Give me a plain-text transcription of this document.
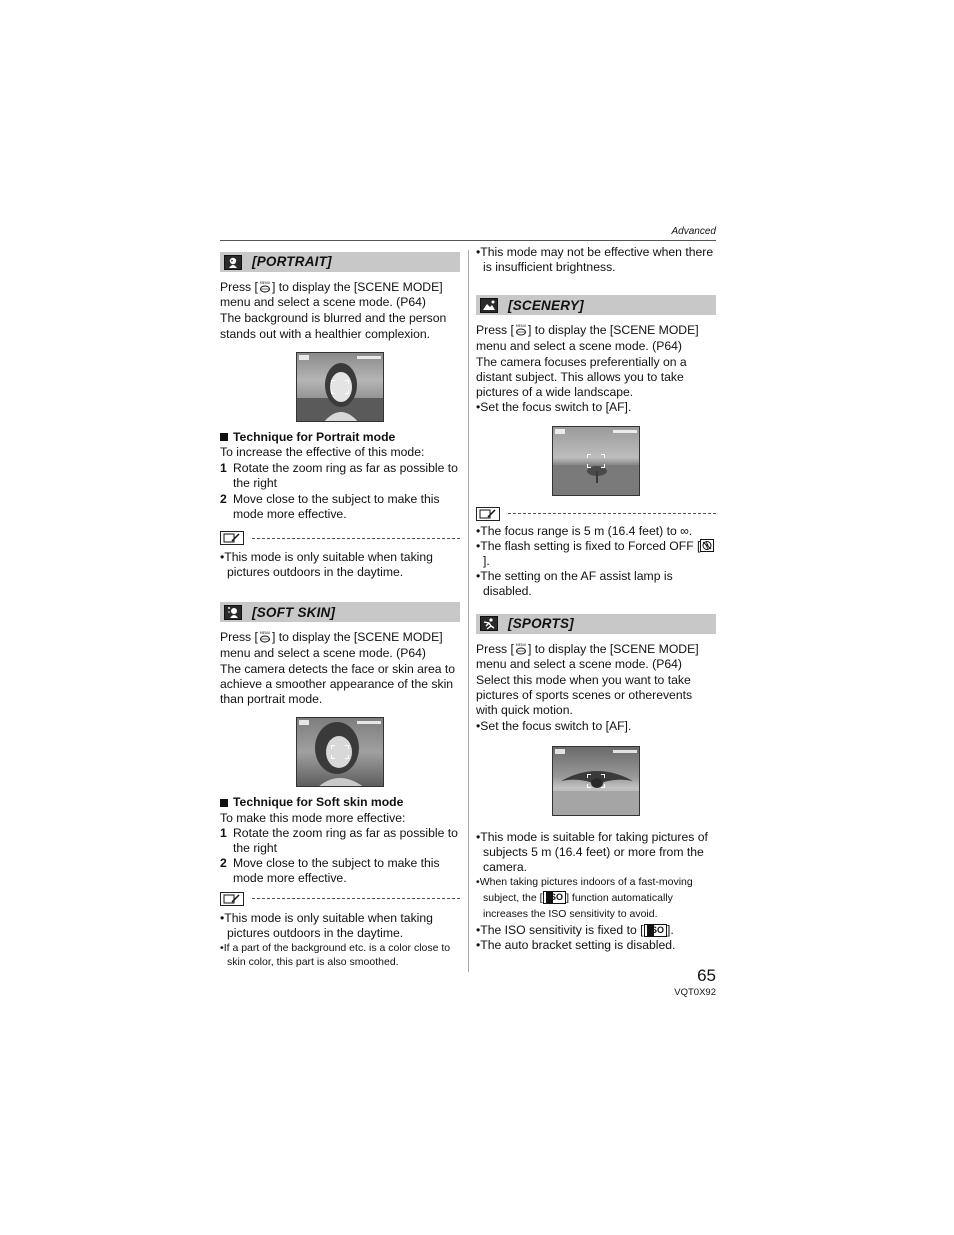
Advanced
[PORTRAIT]
Press [ MENU ] to display the [SCENE MODE] menu and select a scene mode. (P64)
The background is blurred and the person stands out with a healthier complexion.
Technique for Portrait mode
To increase the effective of this mode:
1 Rotate the zoom ring as far as possible to the right
2 Move close to the subject to make this mode more effective.
•This mode is only suitable when taking pictures outdoors in the daytime.
[SOFT SKIN]
Press [ MENU ] to display the [SCENE MODE] menu and select a scene mode. (P64)
The camera detects the face or skin area to achieve a smoother appearance of the skin than portrait mode.
Technique for Soft skin mode
To make this mode more effective:
1 Rotate the zoom ring as far as possible to the right
2 Move close to the subject to make this mode more effective.
•This mode is only suitable when taking pictures outdoors in the daytime.
•If a part of the background etc. is a color close to skin color, this part is also smoothed.
•This mode may not be effective when there is insufficient brightness.
[SCENERY]
Press [ MENU ] to display the [SCENE MODE] menu and select a scene mode. (P64)
The camera focuses preferentially on a distant subject. This allows you to take pictures of a wide landscape.
•Set the focus switch to [AF].
•The focus range is 5 m (16.4 feet) to ∞.
•The flash setting is fixed to Forced OFF [
].
•The setting on the AF assist lamp is disabled.
[SPORTS]
Press [ MENU ] to display the [SCENE MODE] menu and select a scene mode. (P64)
Select this mode when you want to take pictures of sports scenes or otherevents with quick motion.
•Set the focus switch to [AF].
•This mode is suitable for taking pictures of subjects 5 m (16.4 feet) or more from the camera.
•When taking pictures indoors of a fast-moving subject, the [ ISO ] function automatically increases the ISO sensitivity to avoid.
•The ISO sensitivity is fixed to [ ISO ].
•The auto bracket setting is disabled.
65
VQT0X92
